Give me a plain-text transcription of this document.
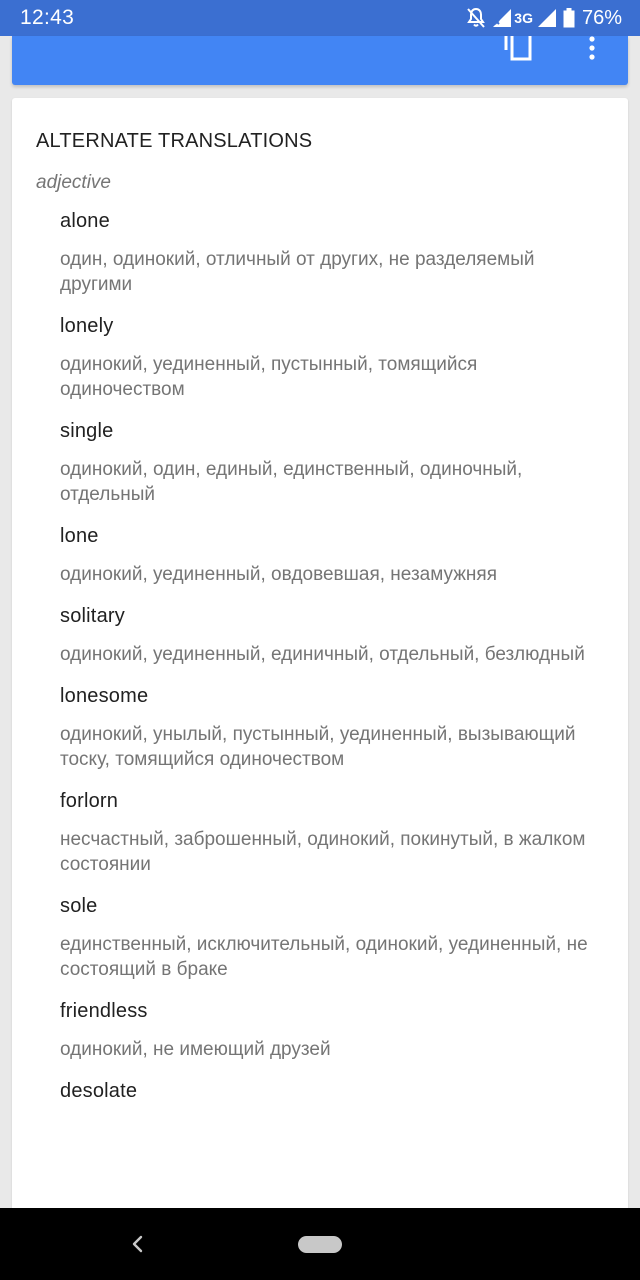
12:43	3G 76%
ALTERNATE TRANSLATIONS
adjective
alone
один, одинокий, отличный от других, не разделяемый другими
lonely
одинокий, уединенный, пустынный, томящийся одиночеством
single
одинокий, один, единый, единственный, одиночный, отдельный
lone
одинокий, уединенный, овдовевшая, незамужняя
solitary
одинокий, уединенный, единичный, отдельный, безлюдный
lonesome
одинокий, унылый, пустынный, уединенный, вызывающий тоску, томящийся одиночеством
forlorn
несчастный, заброшенный, одинокий, покинутый, в жалком состоянии
sole
единственный, исключительный, одинокий, уединенный, не состоящий в браке
friendless
одинокий, не имеющий друзей
desolate
